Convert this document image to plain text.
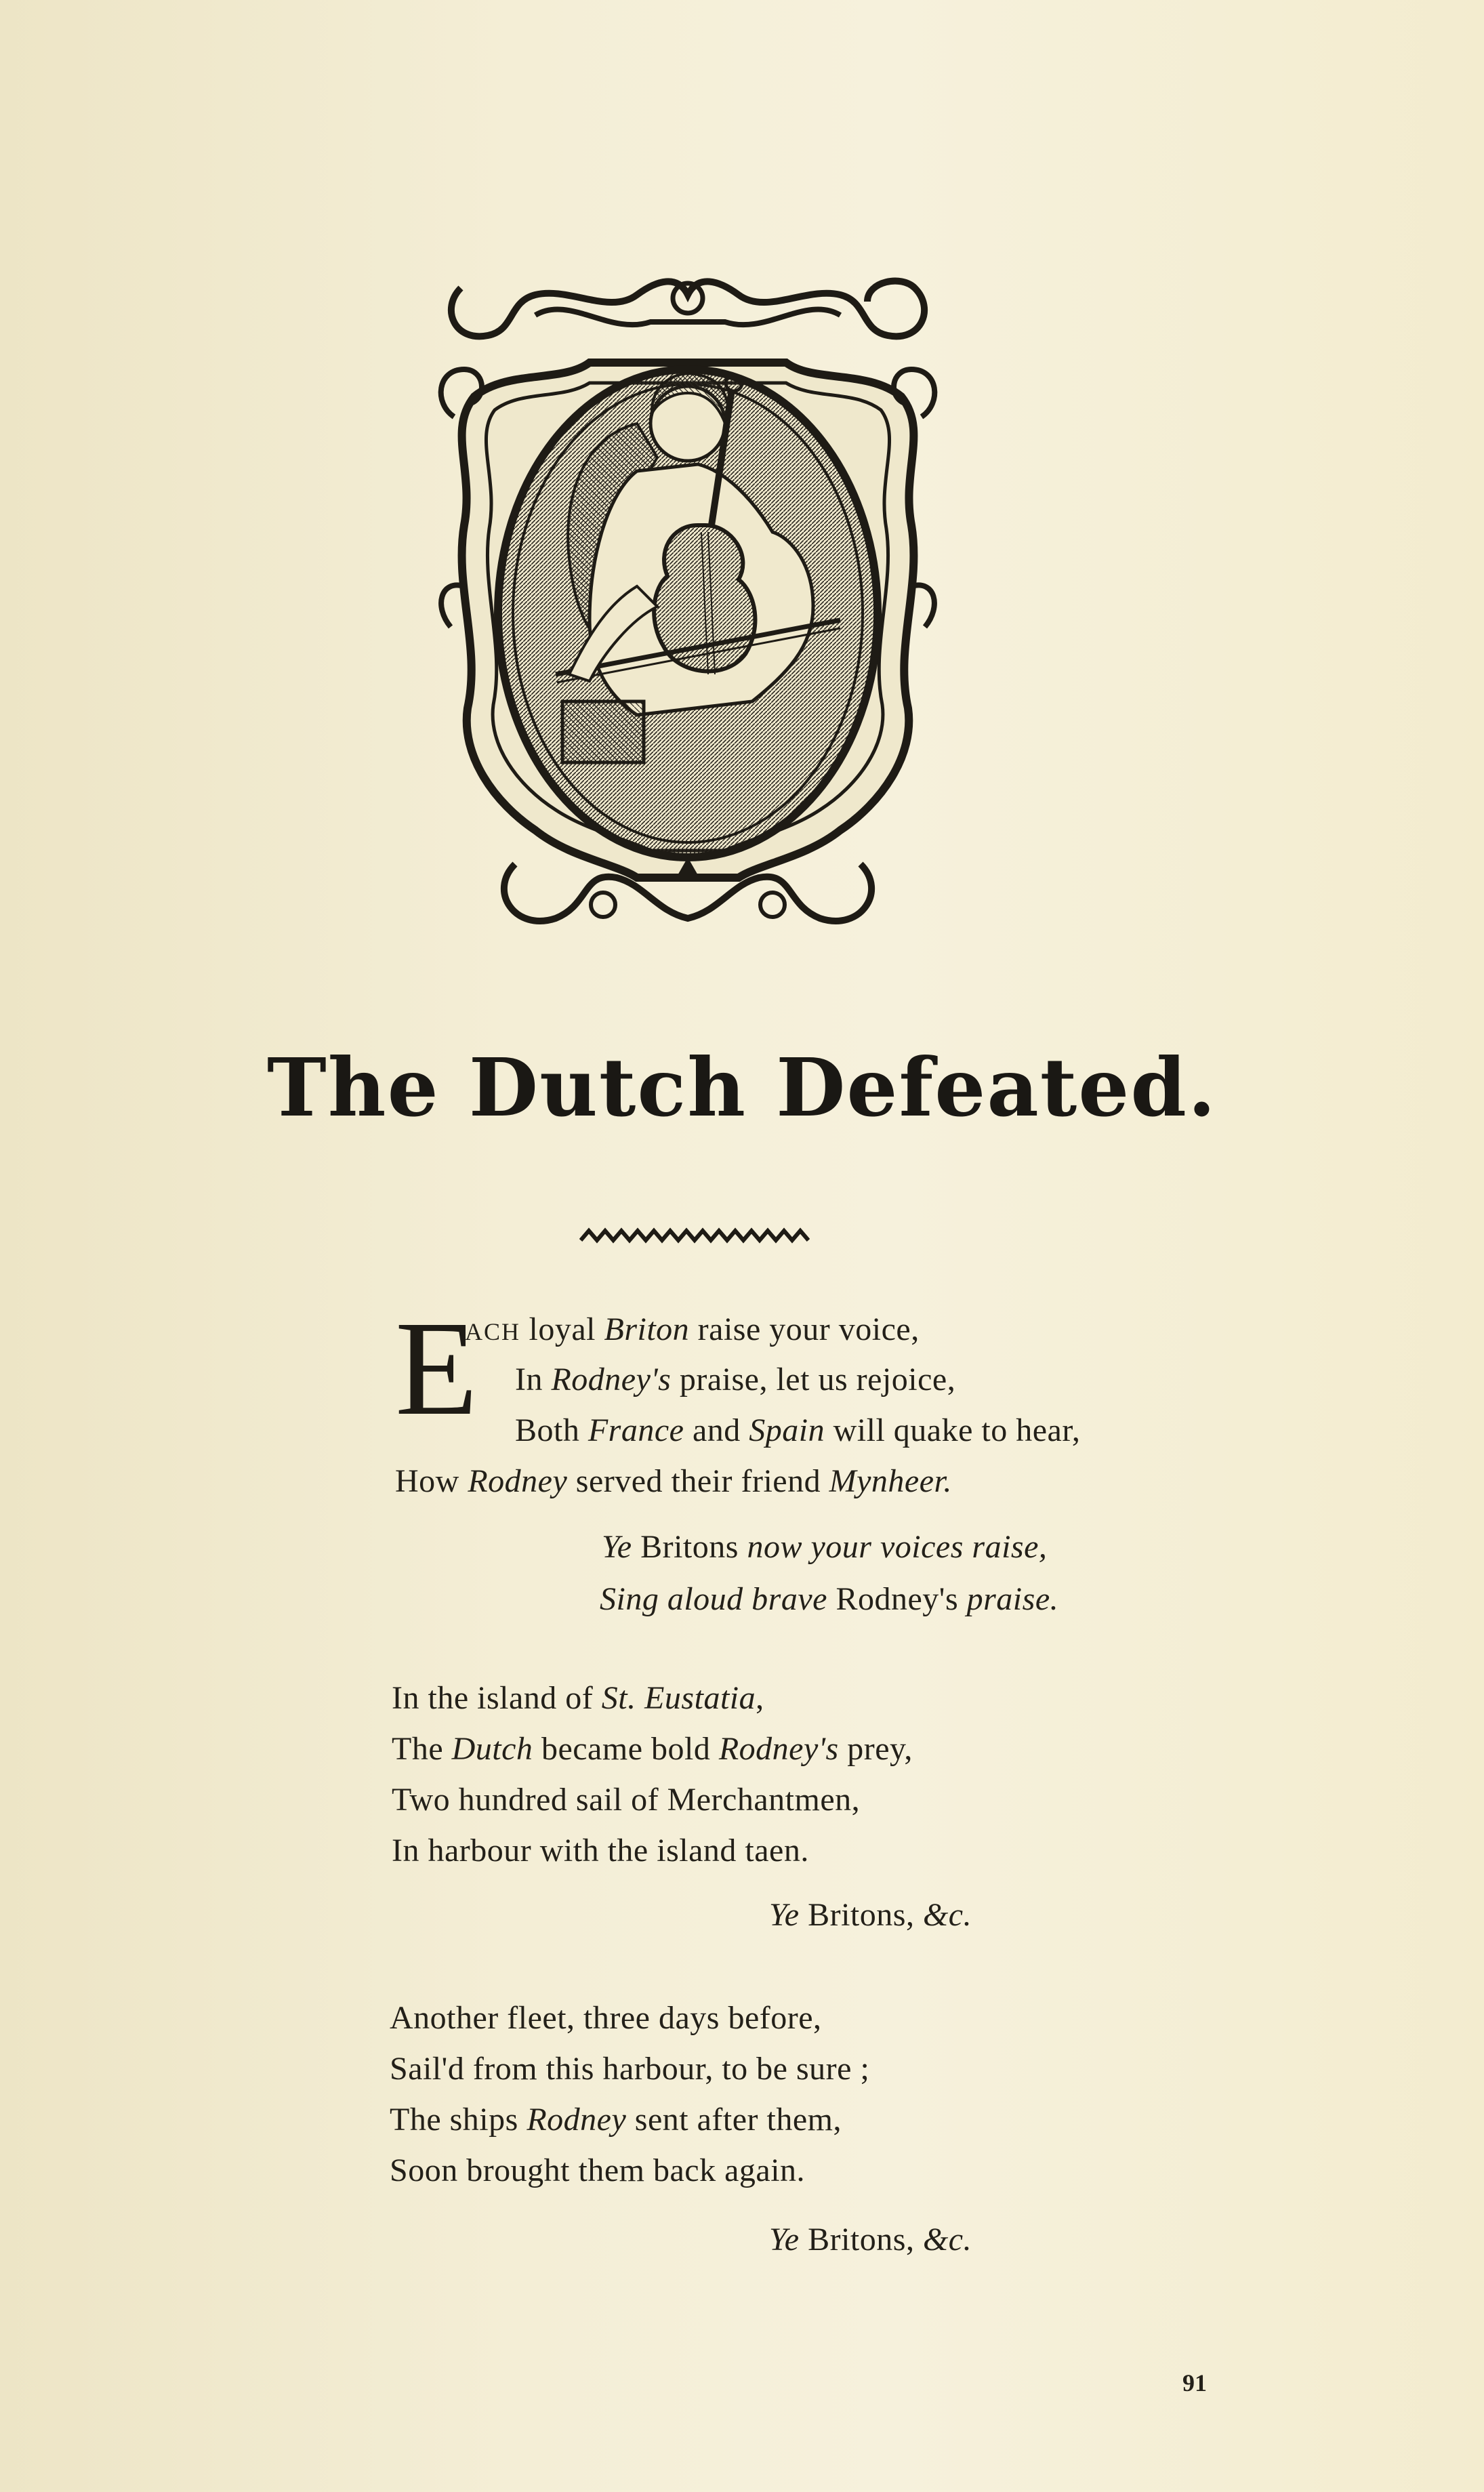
The Dutch Defeated.
E
ACH loyal Briton raise your voice,
In Rodney's praise, let us rejoice,
Both France and Spain will quake to hear,
How Rodney served their friend Mynheer.
Ye Britons now your voices raise,
Sing aloud brave Rodney's praise.
In the island of St. Eustatia,
The Dutch became bold Rodney's prey,
Two hundred sail of Merchantmen,
In harbour with the island taen.
Ye Britons, &c.
Another fleet, three days before,
Sail'd from this harbour, to be sure ;
The ships Rodney sent after them,
Soon brought them back again.
Ye Britons, &c.
91
